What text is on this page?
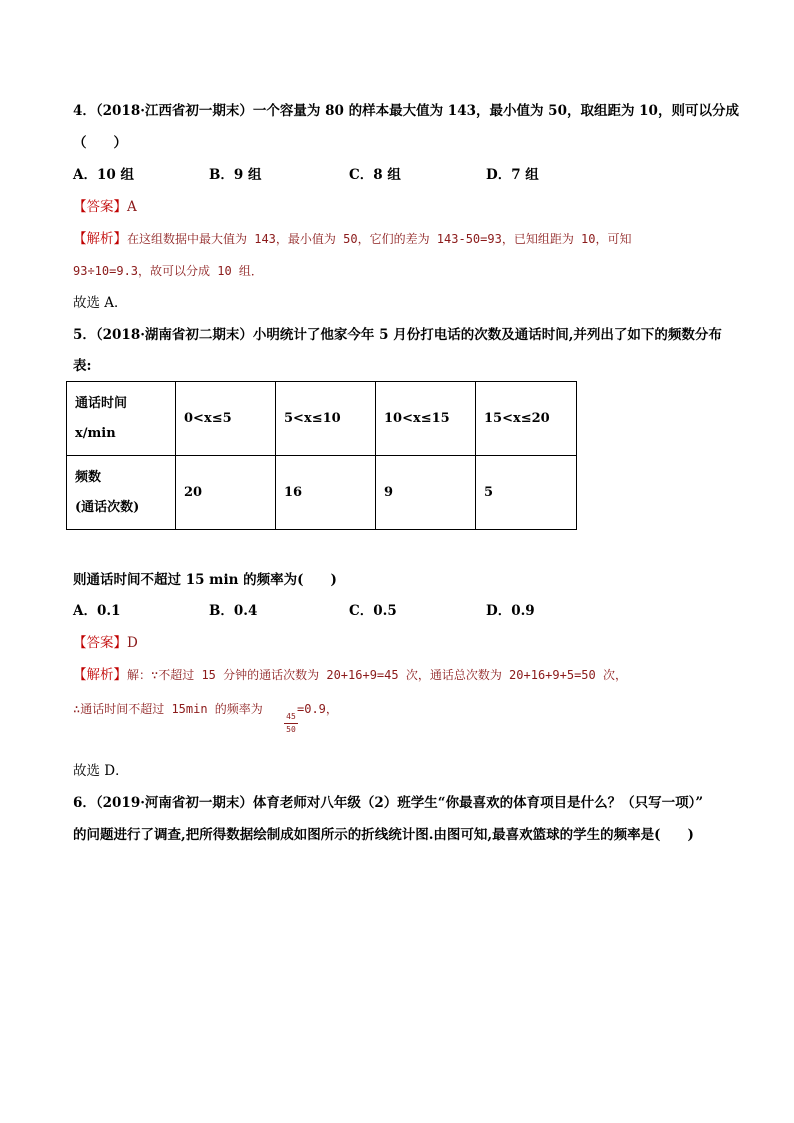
4．（2018·江西省初一期末）一个容量为 80 的样本最大值为 143，最小值为 50，取组距为 10，则可以分成
（　　）
A．10 组	B．9 组	C．8 组	D．7 组
【答案】A
【解析】在这组数据中最大值为 143，最小值为 50，它们的差为 143-50=93，已知组距为 10，可知
93÷10=9.3，故可以分成 10 组．
故选 A．
5．（2018·湖南省初二期末）小明统计了他家今年 5 月份打电话的次数及通话时间,并列出了如下的频数分布
表:
通话时间
x/min	0<x≤5	5<x≤10	10<x≤15	15<x≤20

频数
(通话次数)	20	16	9	5
则通话时间不超过 15 min 的频率为(　　)
A．0.1	B．0.4	C．0.5	D．0.9
【答案】D
【解析】解：∵不超过 15 分钟的通话次数为 20+16+9=45 次，通话总次数为 20+16+9+5=50 次，
∴通话时间不超过 15min 的频率为
45
50
=0.9，
故选 D．
6．（2019·河南省初一期末）体育老师对八年级（2）班学生“你最喜欢的体育项目是什么？（只写一项）”
的问题进行了调查,把所得数据绘制成如图所示的折线统计图.由图可知,最喜欢篮球的学生的频率是(　　)
